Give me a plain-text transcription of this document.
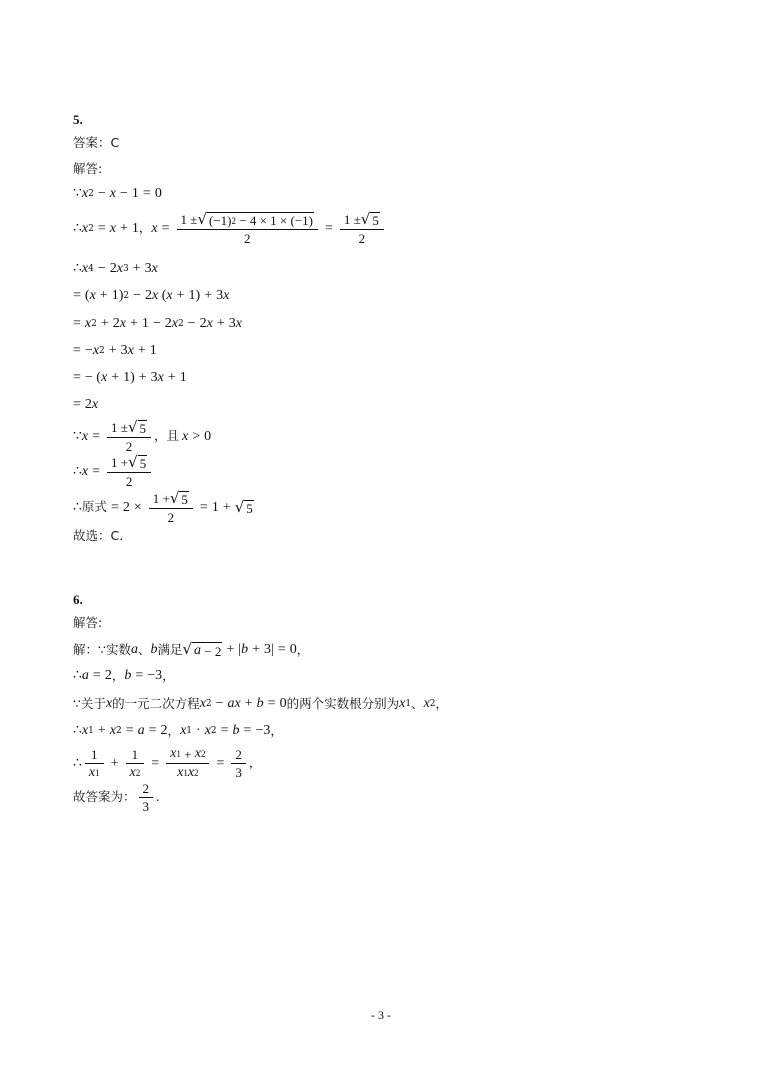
5.
答案：C
解答:
∵ x 2 − x − 1 = 0
∴ x 2 = x + 1 ， $x = \frac{1 \pm √ (-1) 2 - 4 \times 1 \times (-1)}{2} = \frac{1 \pm √ 5}{2}$
∴ x 4 − 2 x 3 + 3 x
= ( x + 1) 2 − 2 x ( x + 1) + 3 x
= x 2 + 2 x + 1 − 2 x 2 − 2 x + 3 x
= − x 2 + 3 x + 1
= − ( x + 1) + 3 x + 1
= 2 x
∵ $x = \frac{1 \pm √ 5}{2}$ ，且 x > 0
∴ $x = \frac{1 + √ 5}{2}$
∴ 原式 = $2 \times \frac{1 + √ 5}{2} = 1$ + √ 5
故选：C.
6.
解答:
解：∵实数 a 、 b 满足 √ a − 2 + | b + 3| = 0 ，
∴ a = 2 ， b = −3 ，
∵关于 x 的一元二次方程 x 2 − ax + b = 0 的两个实数根分别为 x 1 、 x 2 ，
∴ x 1 + x 2 = a = 2 ， x 1 · x 2 = b = −3 ，
∴ $\frac{1}{x 1} + \frac{1}{x 2} = \frac{x 1 + x 2}{x 1 x 2} = \frac{2}{3}$ ，
故答案为： $\frac{2}{3}$ .
- 3 -
